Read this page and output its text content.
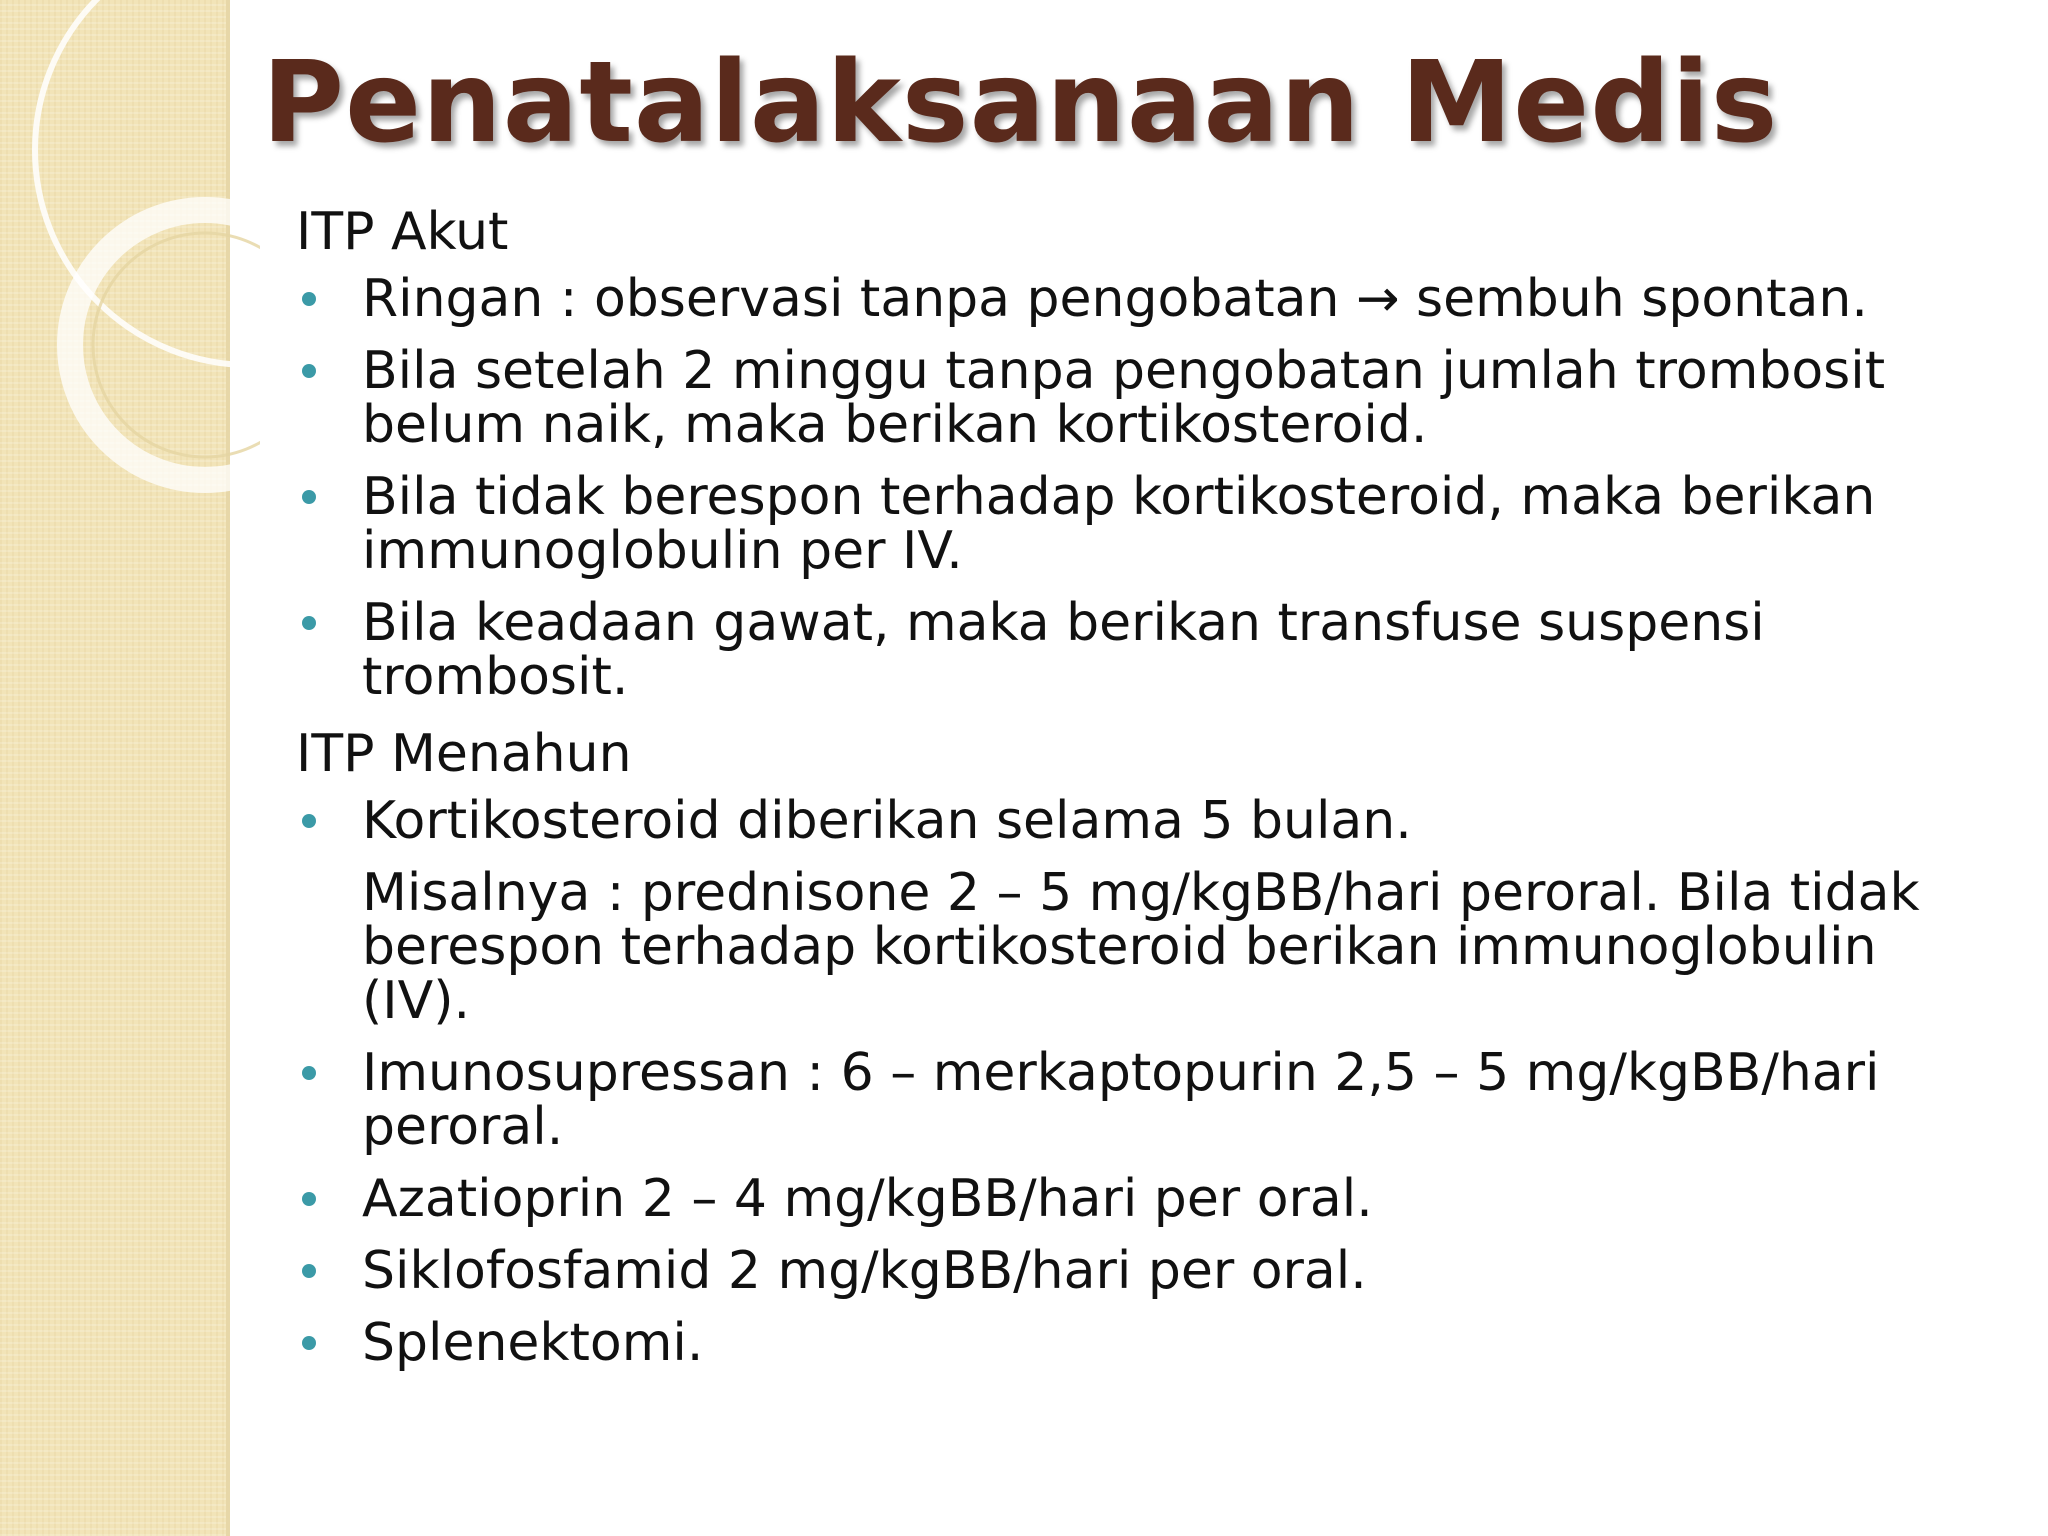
Penatalaksanaan Medis
ITP Akut
Ringan : observasi tanpa pengobatan → sembuh spontan.
Bila setelah 2 minggu tanpa pengobatan jumlah trombosit belum naik, maka berikan kortikosteroid.
Bila tidak berespon terhadap kortikosteroid, maka berikan immunoglobulin per IV.
Bila keadaan gawat, maka berikan transfuse suspensi trombosit.
ITP Menahun
Kortikosteroid diberikan selama 5 bulan.
Misalnya : prednisone 2 – 5 mg/kgBB/hari peroral. Bila tidak berespon terhadap kortikosteroid berikan immunoglobulin (IV).
Imunosupressan : 6 – merkaptopurin 2,5 – 5 mg/kgBB/hari peroral.
Azatioprin 2 – 4 mg/kgBB/hari per oral.
Siklofosfamid 2 mg/kgBB/hari per oral.
Splenektomi.
